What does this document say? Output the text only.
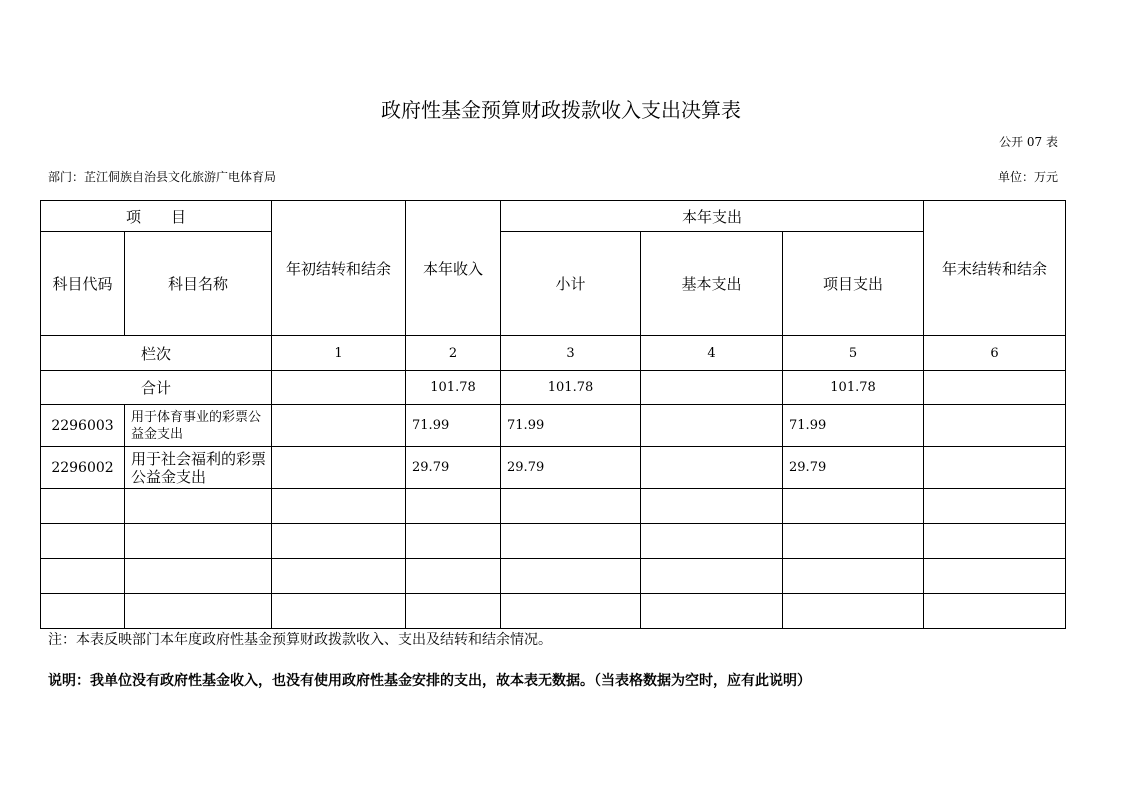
政府性基金预算财政拨款收入支出决算表
公开 07 表
部门：芷江侗族自治县文化旅游广电体育局	单位：万元
项　　目		年初结转和结余	本年收入	本年支出			年末结转和结余
科目代码	科目名称			小计	基本支出	项目支出	
栏次		1	2	3	4	5	6
合计			101.78	101.78		101.78	
2296003	用于体育事业的彩票公益金支出		71.99	71.99		71.99	
2296002	用于社会福利的彩票公益金支出		29.79	29.79		29.79	

注：本表反映部门本年度政府性基金预算财政拨款收入、支出及结转和结余情况。
说明：我单位没有政府性基金收入，也没有使用政府性基金安排的支出，故本表无数据。（当表格数据为空时，应有此说明）
